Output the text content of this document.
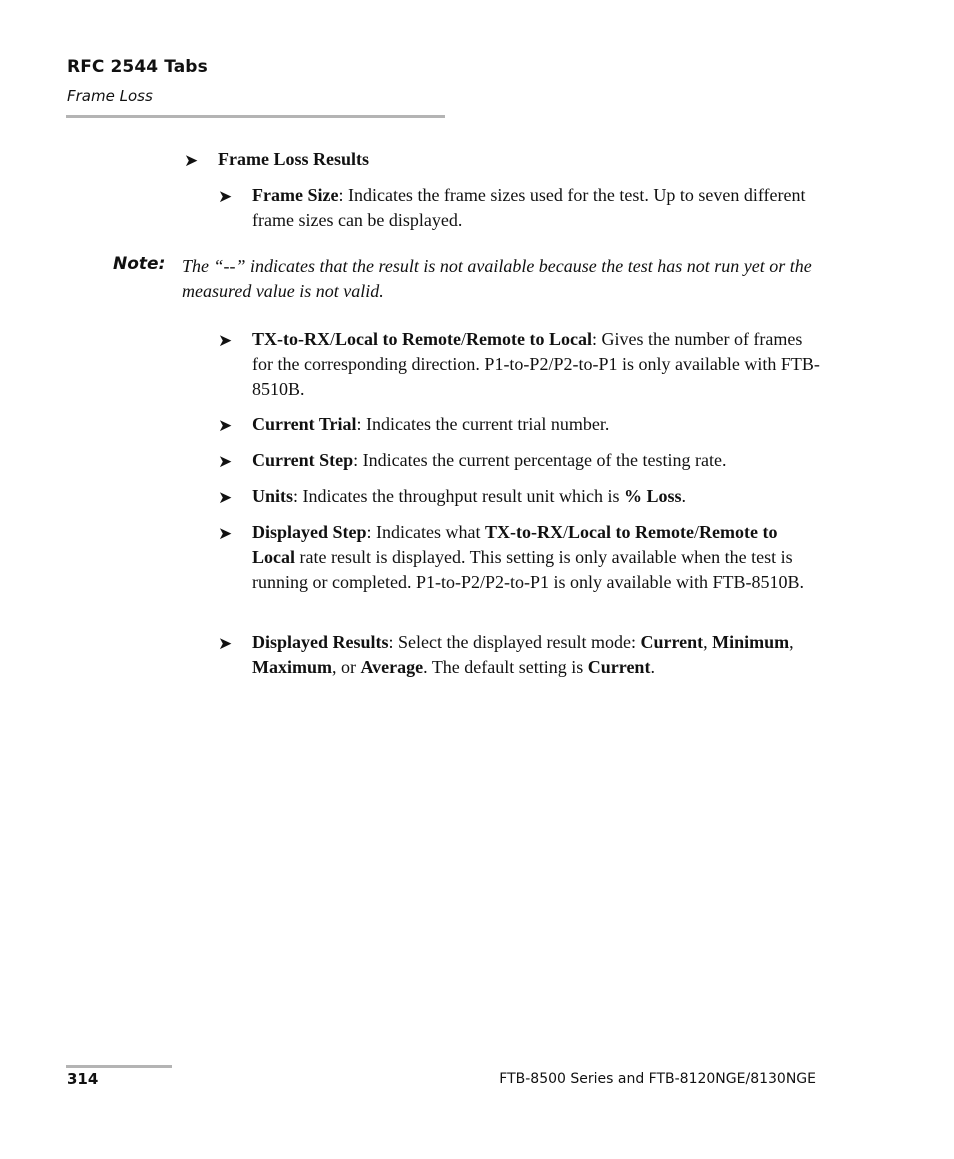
RFC 2544 Tabs
Frame Loss
➤ Frame Loss Results
➤ Frame Size: Indicates the frame sizes used for the test. Up to seven different frame sizes can be displayed.
Note: The “--” indicates that the result is not available because the test has not run yet or the measured value is not valid.
➤ TX-to-RX/Local to Remote/Remote to Local: Gives the number of frames for the corresponding direction. P1-to-P2/P2-to-P1 is only available with FTB-8510B.
➤ Current Trial: Indicates the current trial number.
➤ Current Step: Indicates the current percentage of the testing rate.
➤ Units: Indicates the throughput result unit which is % Loss.
➤ Displayed Step: Indicates what TX-to-RX/Local to Remote/Remote to Local rate result is displayed. This setting is only available when the test is running or completed. P1-to-P2/P2-to-P1 is only available with FTB-8510B.
➤ Displayed Results: Select the displayed result mode: Current, Minimum, Maximum, or Average. The default setting is Current.
314	FTB-8500 Series and FTB-8120NGE/8130NGE
